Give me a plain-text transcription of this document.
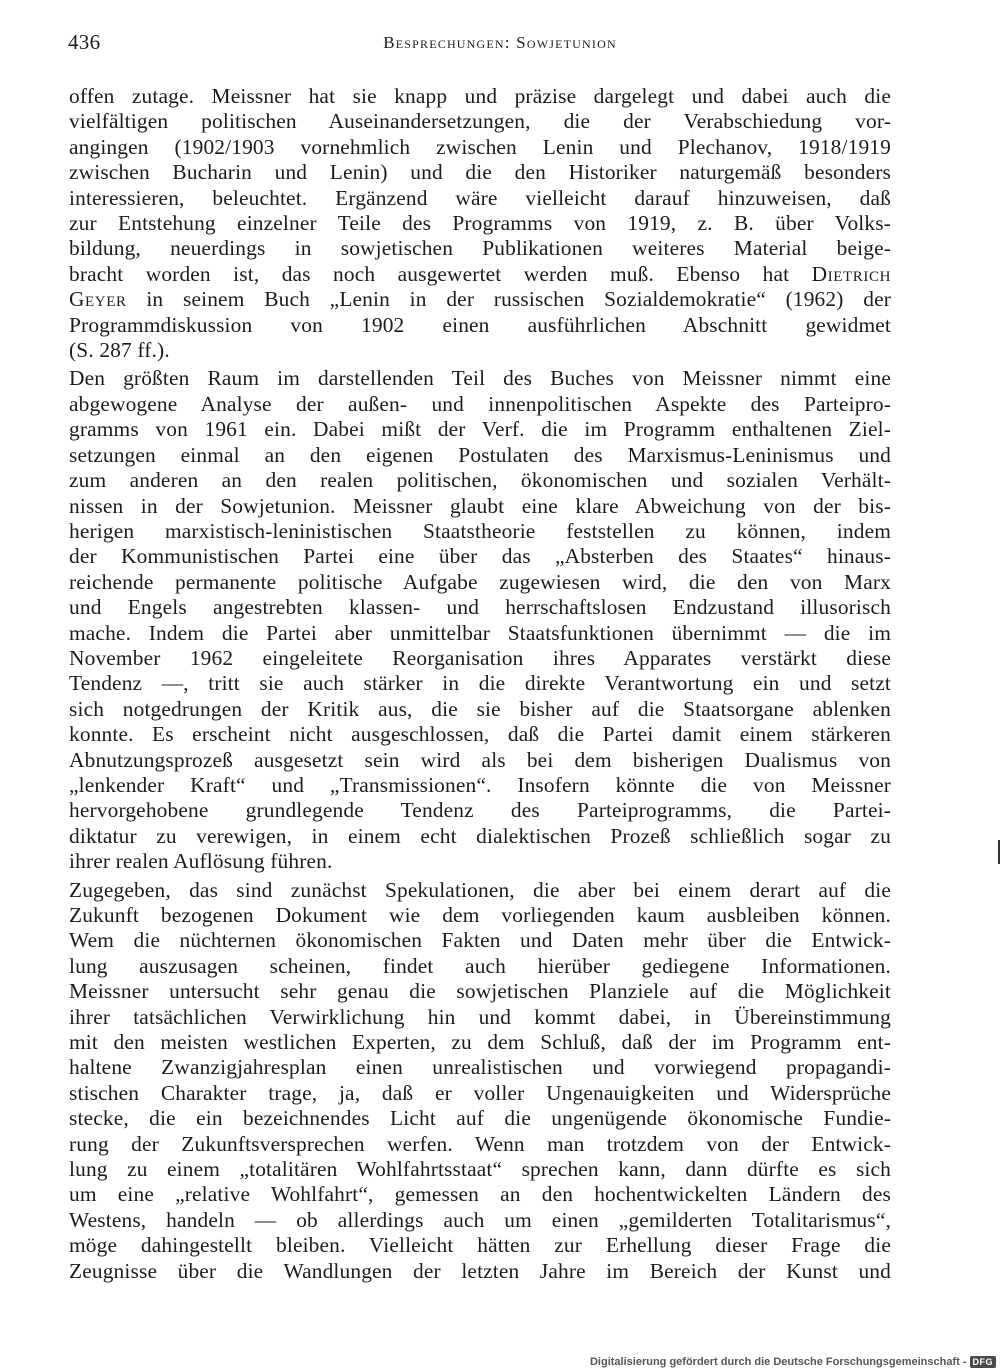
436	Besprechungen: Sowjetunion

offen zutage. Meissner hat sie knapp und präzise dargelegt und dabei auch die
vielfältigen politischen Auseinandersetzungen, die der Verabschiedung vor-
angingen (1902/1903 vornehmlich zwischen Lenin und Plechanov, 1918/1919
zwischen Bucharin und Lenin) und die den Historiker naturgemäß besonders
interessieren, beleuchtet. Ergänzend wäre vielleicht darauf hinzuweisen, daß
zur Entstehung einzelner Teile des Programms von 1919, z. B. über Volks-
bildung, neuerdings in sowjetischen Publikationen weiteres Material beige-
bracht worden ist, das noch ausgewertet werden muß. Ebenso hat Dietrich
Geyer in seinem Buch „Lenin in der russischen Sozialdemokratie“ (1962) der
Programmdiskussion von 1902 einen ausführlichen Abschnitt gewidmet
(S. 287 ff.).

Den größten Raum im darstellenden Teil des Buches von Meissner nimmt eine
abgewogene Analyse der außen- und innenpolitischen Aspekte des Parteipro-
gramms von 1961 ein. Dabei mißt der Verf. die im Programm enthaltenen Ziel-
setzungen einmal an den eigenen Postulaten des Marxismus-Leninismus und
zum anderen an den realen politischen, ökonomischen und sozialen Verhält-
nissen in der Sowjetunion. Meissner glaubt eine klare Abweichung von der bis-
herigen marxistisch-leninistischen Staatstheorie feststellen zu können, indem
der Kommunistischen Partei eine über das „Absterben des Staates“ hinaus-
reichende permanente politische Aufgabe zugewiesen wird, die den von Marx
und Engels angestrebten klassen- und herrschaftslosen Endzustand illusorisch
mache. Indem die Partei aber unmittelbar Staatsfunktionen übernimmt — die im
November 1962 eingeleitete Reorganisation ihres Apparates verstärkt diese
Tendenz —, tritt sie auch stärker in die direkte Verantwortung ein und setzt
sich notgedrungen der Kritik aus, die sie bisher auf die Staatsorgane ablenken
konnte. Es erscheint nicht ausgeschlossen, daß die Partei damit einem stärkeren
Abnutzungsprozeß ausgesetzt sein wird als bei dem bisherigen Dualismus von
„lenkender Kraft“ und „Transmissionen“. Insofern könnte die von Meissner
hervorgehobene grundlegende Tendenz des Parteiprogramms, die Partei-
diktatur zu verewigen, in einem echt dialektischen Prozeß schließlich sogar zu
ihrer realen Auflösung führen.

Zugegeben, das sind zunächst Spekulationen, die aber bei einem derart auf die
Zukunft bezogenen Dokument wie dem vorliegenden kaum ausbleiben können.
Wem die nüchternen ökonomischen Fakten und Daten mehr über die Entwick-
lung auszusagen scheinen, findet auch hierüber gediegene Informationen.
Meissner untersucht sehr genau die sowjetischen Planziele auf die Möglichkeit
ihrer tatsächlichen Verwirklichung hin und kommt dabei, in Übereinstimmung
mit den meisten westlichen Experten, zu dem Schluß, daß der im Programm ent-
haltene Zwanzigjahresplan einen unrealistischen und vorwiegend propagandi-
stischen Charakter trage, ja, daß er voller Ungenauigkeiten und Widersprüche
stecke, die ein bezeichnendes Licht auf die ungenügende ökonomische Fundie-
rung der Zukunftsversprechen werfen. Wenn man trotzdem von der Entwick-
lung zu einem „totalitären Wohlfahrtsstaat“ sprechen kann, dann dürfte es sich
um eine „relative Wohlfahrt“, gemessen an den hochentwickelten Ländern des
Westens, handeln — ob allerdings auch um einen „gemilderten Totalitarismus“,
möge dahingestellt bleiben. Vielleicht hätten zur Erhellung dieser Frage die
Zeugnisse über die Wandlungen der letzten Jahre im Bereich der Kunst und

Digitalisierung gefördert durch die Deutsche Forschungsgemeinschaft - DFG
